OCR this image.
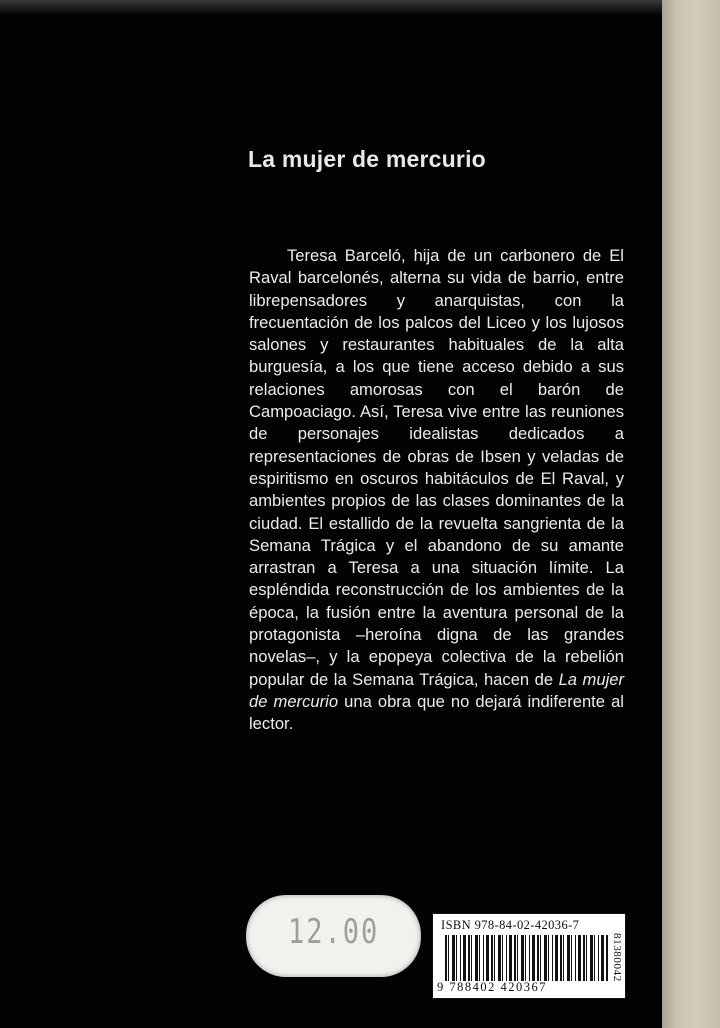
La mujer de mercurio

Teresa Barceló, hija de un carbonero de El Raval barcelonés, alterna su vida de barrio, entre librepensadores y anarquistas, con la frecuentación de los palcos del Liceo y los lujosos salones y restaurantes habituales de la alta burguesía, a los que tiene acceso debido a sus relaciones amorosas con el barón de Campoaciago. Así, Teresa vive entre las reuniones de personajes idealistas dedicados a representaciones de obras de Ibsen y veladas de espiritismo en oscuros habitáculos de El Raval, y ambientes propios de las clases dominantes de la ciudad. El estallido de la revuelta sangrienta de la Semana Trágica y el abandono de su amante arrastran a Teresa a una situación límite. La espléndida reconstrucción de los ambientes de la época, la fusión entre la aventura personal de la protagonista –heroína digna de las grandes novelas–, y la epopeya colectiva de la rebelión popular de la Semana Trágica, hacen de La mujer de mercurio una obra que no dejará indiferente al lector.

12.00	ISBN 978-84-02-42036-7
9 788402 420367
81380042
